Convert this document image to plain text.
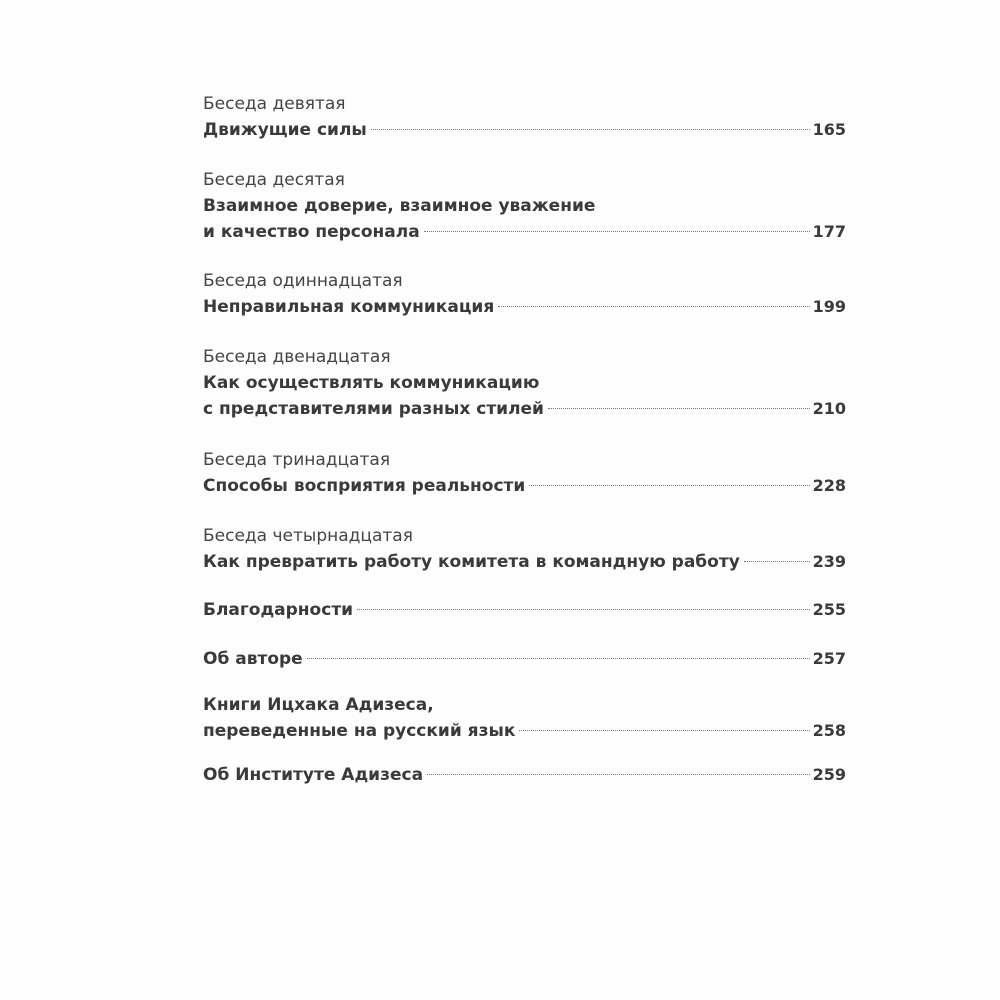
Беседа девятая
Движущие силы	165
Беседа десятая
Взаимное доверие, взаимное уважение
и качество персонала	177
Беседа одиннадцатая
Неправильная коммуникация	199
Беседа двенадцатая
Как осуществлять коммуникацию
с представителями разных стилей	210
Беседа тринадцатая
Способы восприятия реальности	228
Беседа четырнадцатая
Как превратить работу комитета в командную работу	239
Благодарности	255
Об авторе	257
Книги Ицхака Адизеса,
переведенные на русский язык	258
Об Институте Адизеса	259
